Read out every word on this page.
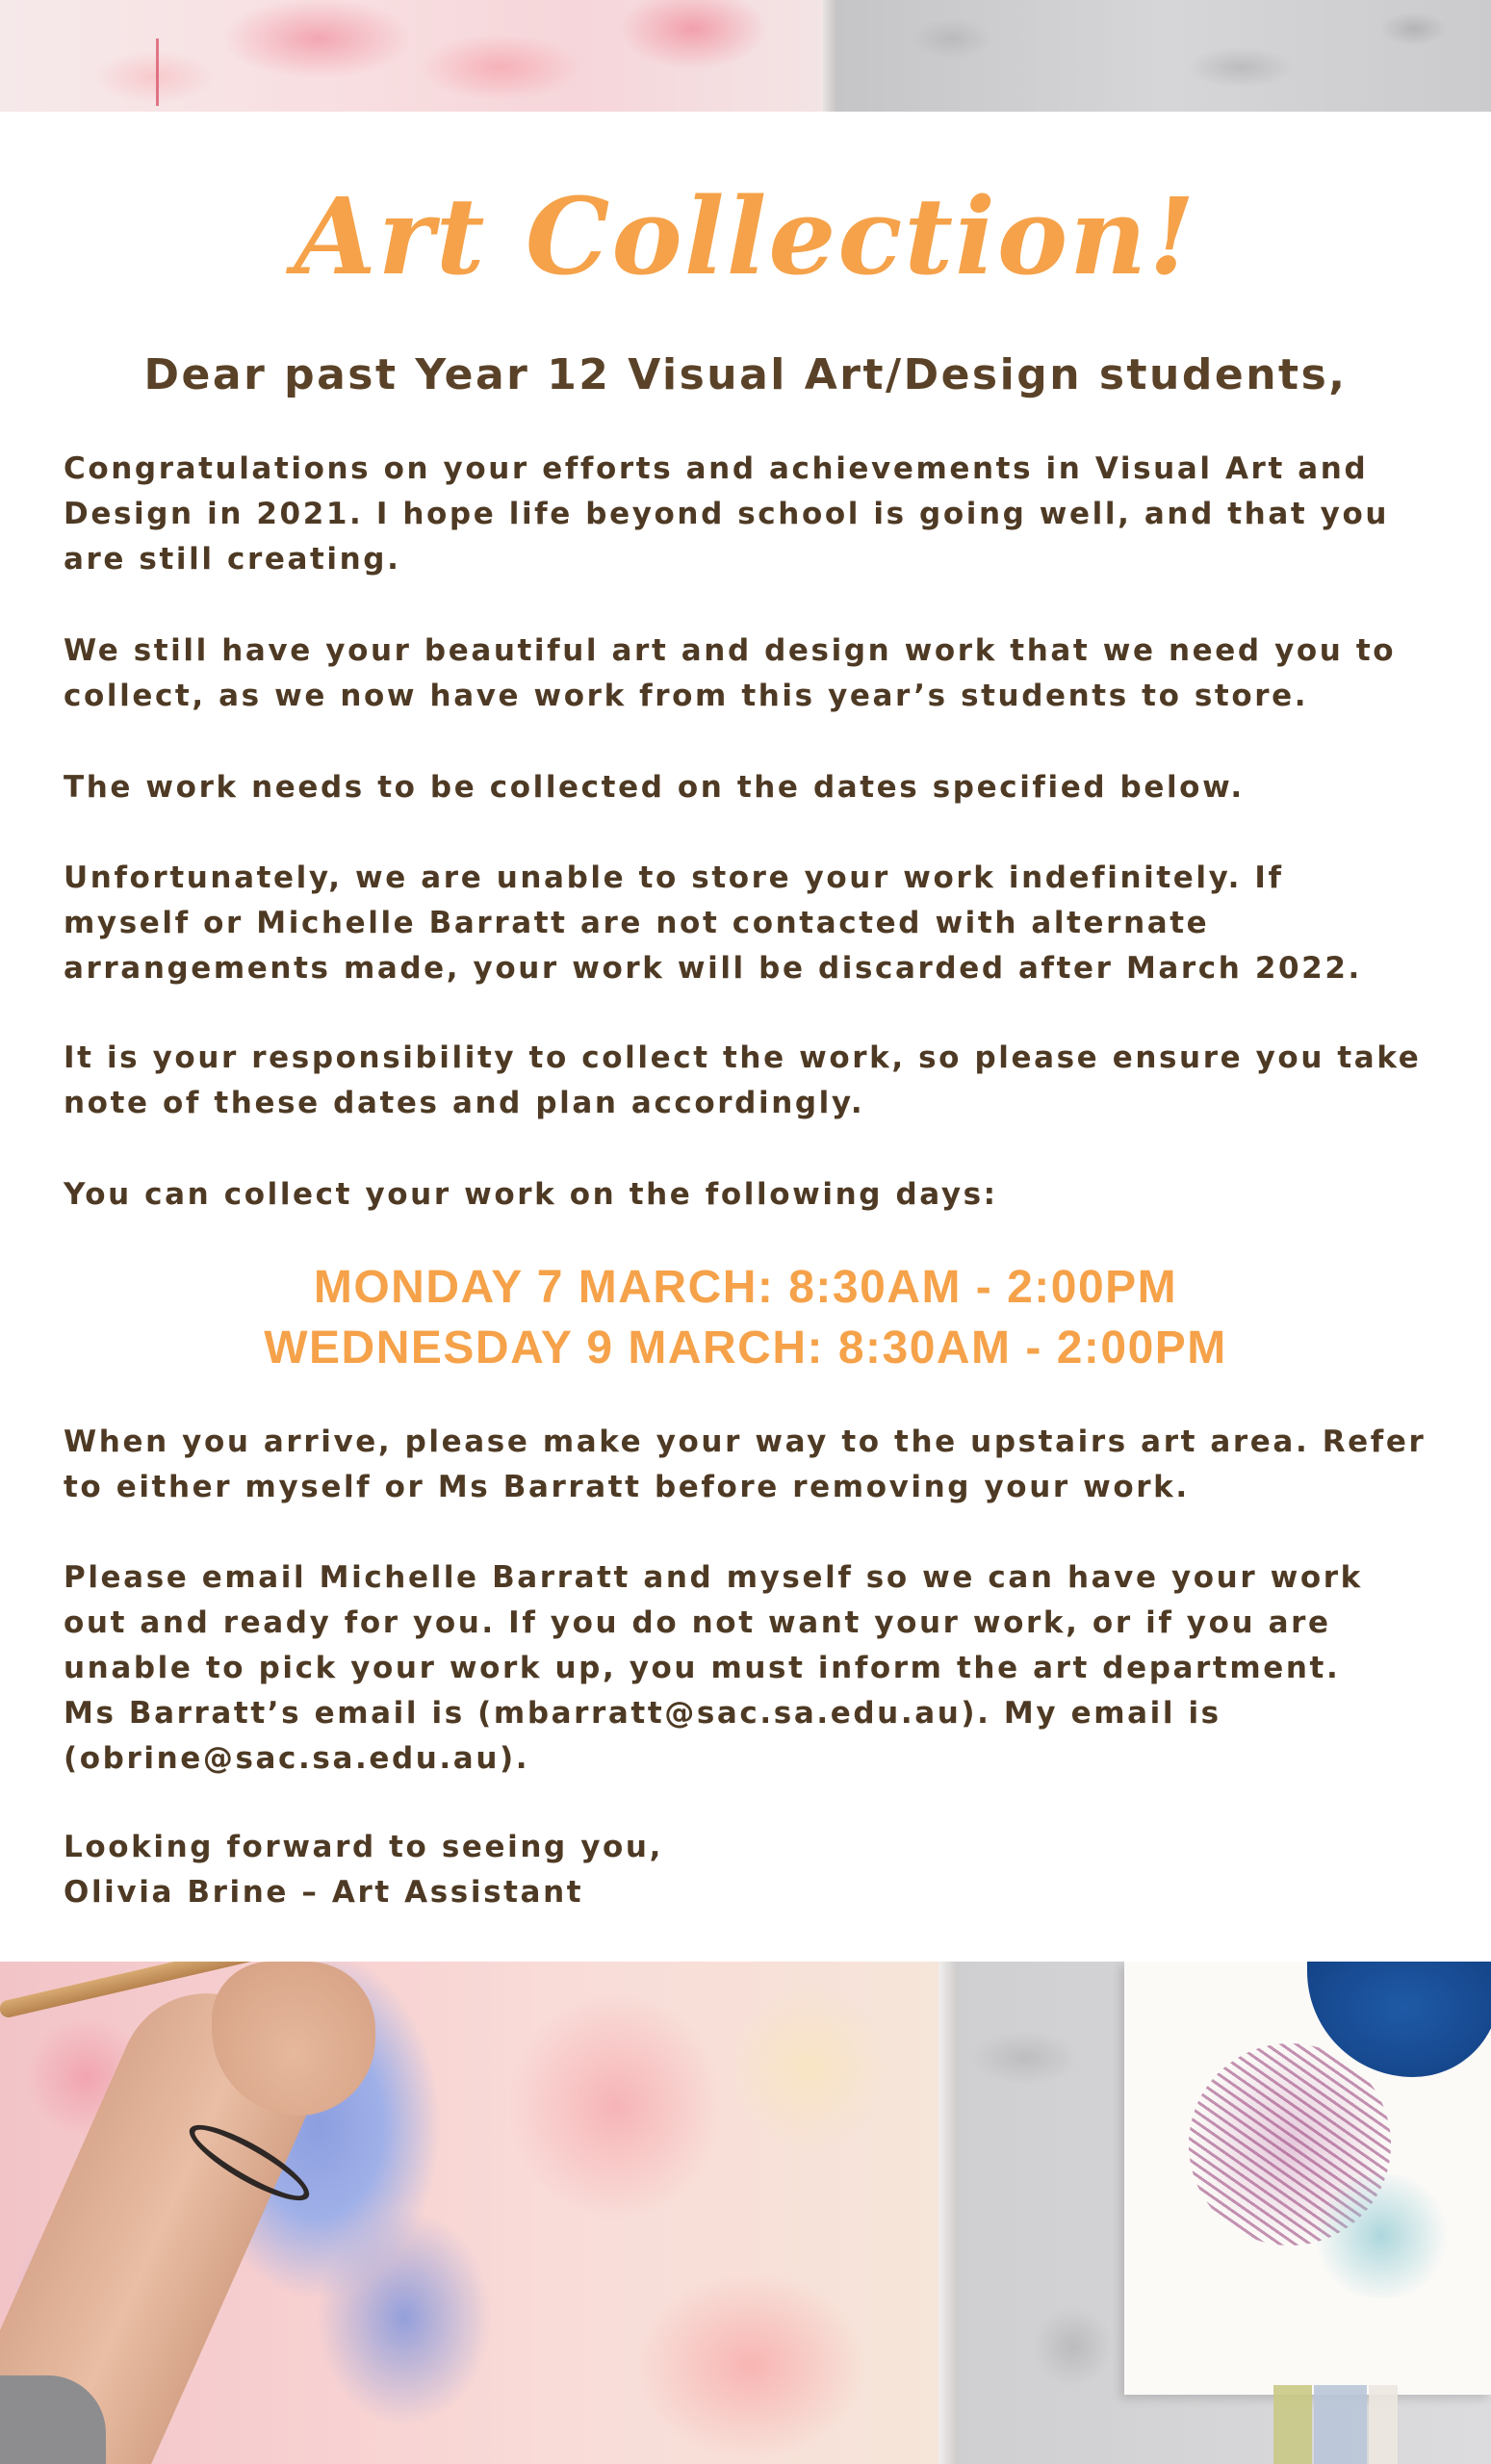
Art Collection!
Dear past Year 12 Visual Art/Design students,
Congratulations on your efforts and achievements in Visual Art and
Design in 2021. I hope life beyond school is going well, and that you
are still creating.
We still have your beautiful art and design work that we need you to
collect, as we now have work from this year’s students to store.
The work needs to be collected on the dates specified below.
Unfortunately, we are unable to store your work indefinitely. If
myself or Michelle Barratt are not contacted with alternate
arrangements made, your work will be discarded after March 2022.
It is your responsibility to collect the work, so please ensure you take
note of these dates and plan accordingly.
You can collect your work on the following days:
MONDAY 7 MARCH: 8:30AM - 2:00PM
WEDNESDAY 9 MARCH: 8:30AM - 2:00PM
When you arrive, please make your way to the upstairs art area. Refer
to either myself or Ms Barratt before removing your work.
Please email Michelle Barratt and myself so we can have your work
out and ready for you. If you do not want your work, or if you are
unable to pick your work up, you must inform the art department.
Ms Barratt’s email is (mbarratt@sac.sa.edu.au). My email is
(obrine@sac.sa.edu.au).
Looking forward to seeing you,
Olivia Brine – Art Assistant
